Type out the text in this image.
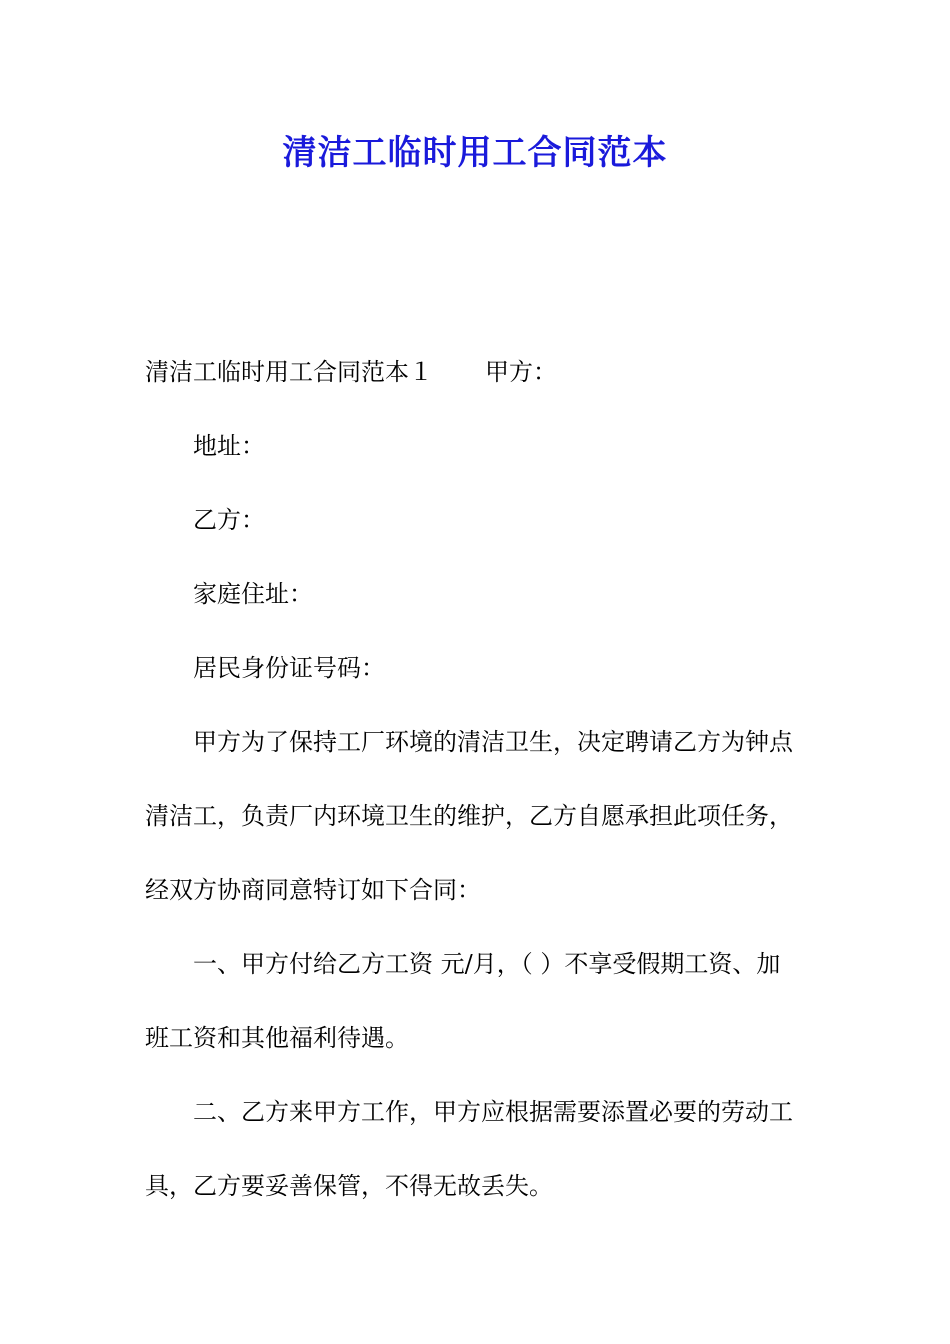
清洁工临时用工合同范本
清洁工临时用工合同范本１ 甲方：
地址：
乙方：
家庭住址：
居民身份证号码：
甲方为了保持工厂环境的清洁卫生，决定聘请乙方为钟点
清洁工，负责厂内环境卫生的维护，乙方自愿承担此项任务，
经双方协商同意特订如下合同：
一、甲方付给乙方工资 元/月，（ ）不享受假期工资、加
班工资和其他福利待遇。
二、乙方来甲方工作，甲方应根据需要添置必要的劳动工
具，乙方要妥善保管，不得无故丢失。
